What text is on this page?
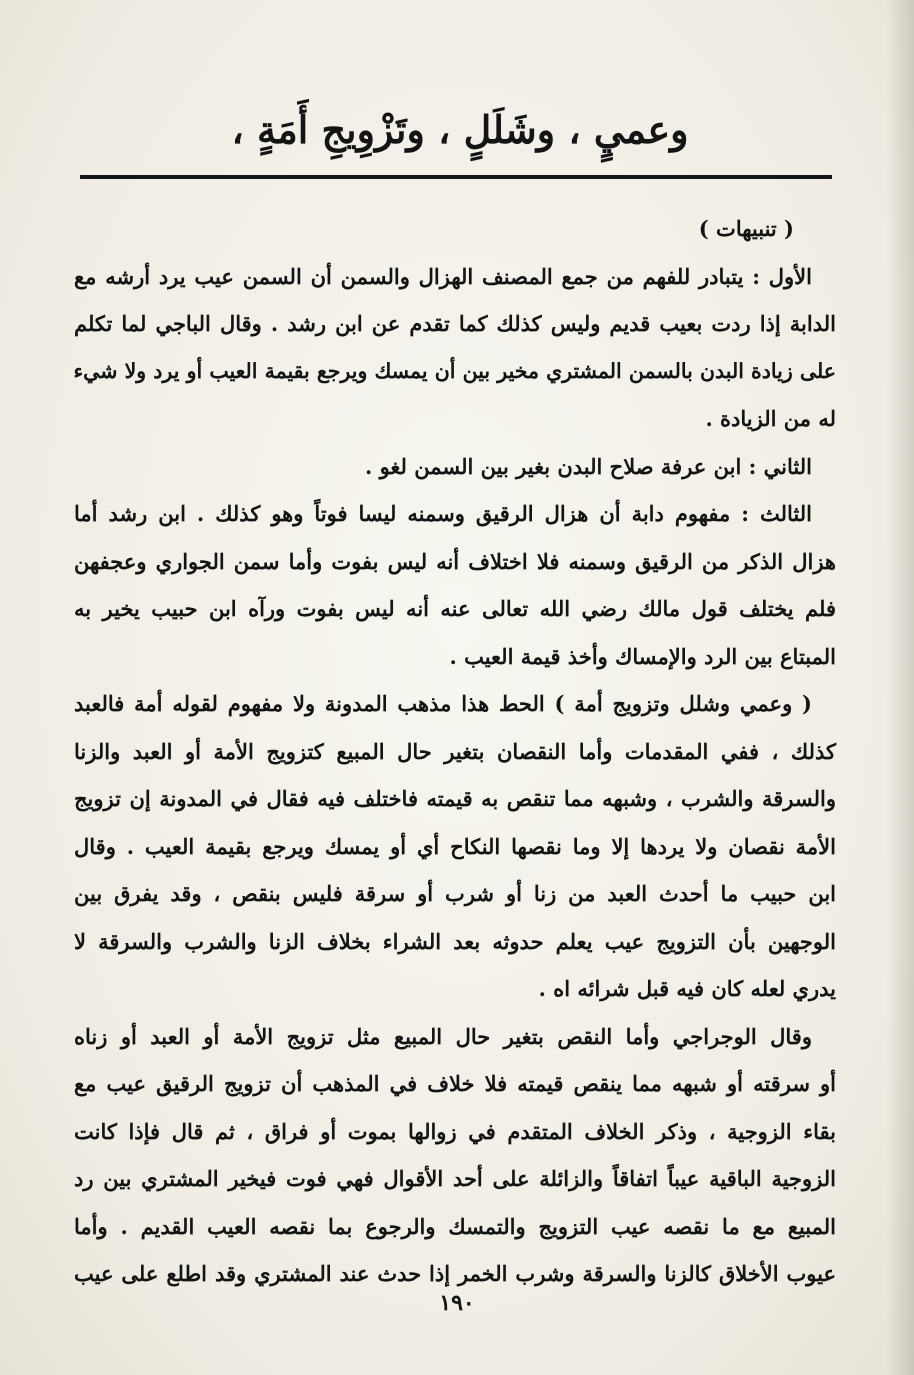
وعميٍ ، وشَلَلٍ ، وتَزْوِيجِ أَمَةٍ ،
( تنبيهات )
الأول : يتبادر للفهم من جمع المصنف الهزال والسمن أن السمن عيب يرد أرشه مع
الدابة إذا ردت بعيب قديم وليس كذلك كما تقدم عن ابن رشد . وقال الباجي لما تكلم
على زيادة البدن بالسمن المشتري مخير بين أن يمسك ويرجع بقيمة العيب أو يرد ولا شيء
له من الزيادة .
الثاني : ابن عرفة صلاح البدن بغير بين السمن لغو .
الثالث : مفهوم دابة أن هزال الرقيق وسمنه ليسا فوتاً وهو كذلك . ابن رشد أما
هزال الذكر من الرقيق وسمنه فلا اختلاف أنه ليس بفوت وأما سمن الجواري وعجفهن
فلم يختلف قول مالك رضي الله تعالى عنه أنه ليس بفوت ورآه ابن حبيب يخير به
المبتاع بين الرد والإمساك وأخذ قيمة العيب .
( وعمي وشلل وتزويج أمة ) الحط هذا مذهب المدونة ولا مفهوم لقوله أمة فالعبد
كذلك ، ففي المقدمات وأما النقصان بتغير حال المبيع كتزويج الأمة أو العبد والزنا
والسرقة والشرب ، وشبهه مما تنقص به قيمته فاختلف فيه فقال في المدونة إن تزويج
الأمة نقصان ولا يردها إلا وما نقصها النكاح أي أو يمسك ويرجع بقيمة العيب . وقال
ابن حبيب ما أحدث العبد من زنا أو شرب أو سرقة فليس بنقص ، وقد يفرق بين
الوجهين بأن التزويج عيب يعلم حدوثه بعد الشراء بخلاف الزنا والشرب والسرقة لا
يدري لعله كان فيه قبل شرائه اه .
وقال الوجراجي وأما النقص بتغير حال المبيع مثل تزويج الأمة أو العبد أو زناه
أو سرقته أو شبهه مما ينقص قيمته فلا خلاف في المذهب أن تزويج الرقيق عيب مع
بقاء الزوجية ، وذكر الخلاف المتقدم في زوالها بموت أو فراق ، ثم قال فإذا كانت
الزوجية الباقية عيباً اتفاقاً والزائلة على أحد الأقوال فهي فوت فيخير المشتري بين رد
المبيع مع ما نقصه عيب التزويج والتمسك والرجوع بما نقصه العيب القديم . وأما
عيوب الأخلاق كالزنا والسرقة وشرب الخمر إذا حدث عند المشتري وقد اطلع على عيب
١٩٠
